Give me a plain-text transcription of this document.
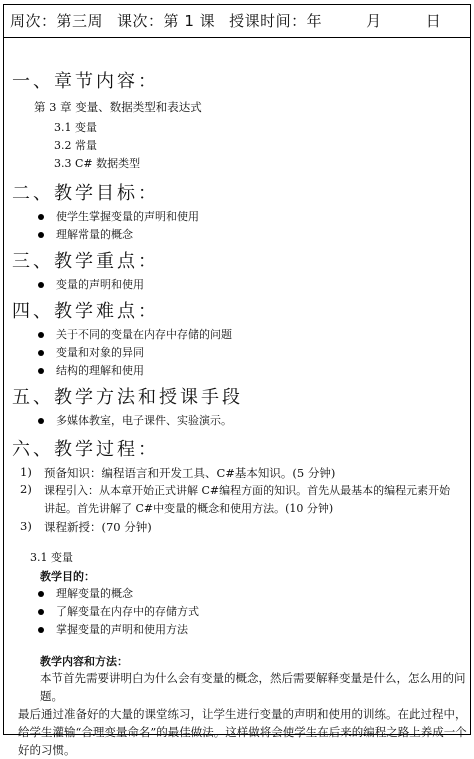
周次：第三周 课次：第 1 课 授课时间：年	月	日
一、章节内容：
第 3 章 变量、数据类型和表达式
3.1 变量
3.2 常量
3.3 C# 数据类型
二、教学目标：
使学生掌握变量的声明和使用
理解常量的概念
三、教学重点：
变量的声明和使用
四、教学难点：
关于不同的变量在内存中存储的问题
变量和对象的异同
结构的理解和使用
五、教学方法和授课手段
多媒体教室，电子课件、实验演示。
六、教学过程：
1) 预备知识：编程语言和开发工具、C#基本知识。(5 分钟)
2) 课程引入：从本章开始正式讲解 C#编程方面的知识。首先从最基本的编程元素开始
讲起。首先讲解了 C#中变量的概念和使用方法。(10 分钟)
3) 课程新授：(70 分钟)
3.1 变量
教学目的：
理解变量的概念
了解变量在内存中的存储方式
掌握变量的声明和使用方法
教学内容和方法：
本节首先需要讲明白为什么会有变量的概念，然后需要解释变量是什么，怎么用的问题。
最后通过准备好的大量的课堂练习，让学生进行变量的声明和使用的训练。在此过程中，
给学生灌输“合理变量命名”的最佳做法。这样做将会使学生在后来的编程之路上养成一个
好的习惯。
